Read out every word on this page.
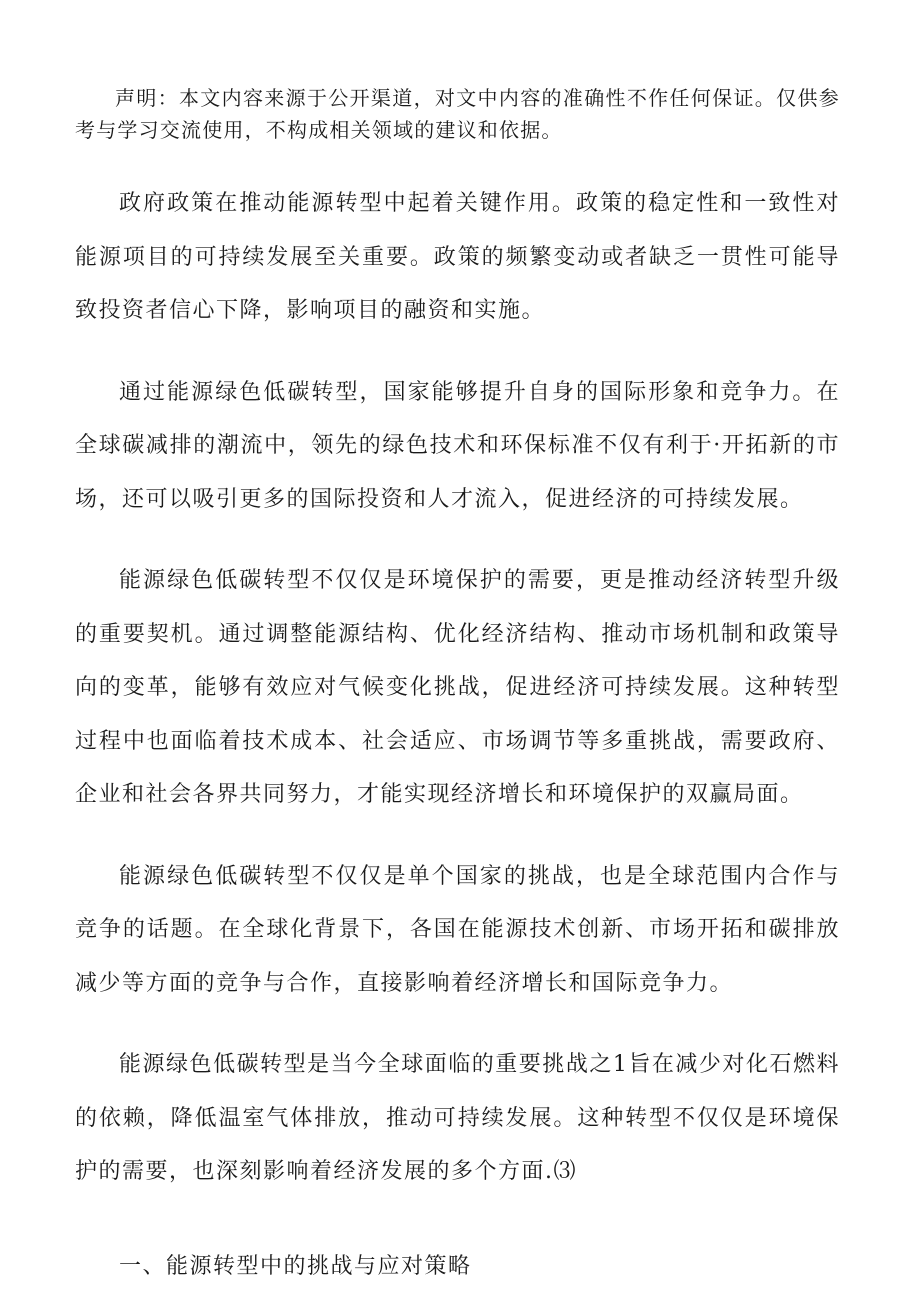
声明：本文内容来源于公开渠道，对文中内容的准确性不作任何保证。仅供参考与学习交流使用，不构成相关领域的建议和依据。

政府政策在推动能源转型中起着关键作用。政策的稳定性和一致性对能源项目的可持续发展至关重要。政策的频繁变动或者缺乏一贯性可能导致投资者信心下降，影响项目的融资和实施。

通过能源绿色低碳转型，国家能够提升自身的国际形象和竞争力。在全球碳减排的潮流中，领先的绿色技术和环保标准不仅有利于·开拓新的市场，还可以吸引更多的国际投资和人才流入，促进经济的可持续发展。

能源绿色低碳转型不仅仅是环境保护的需要，更是推动经济转型升级的重要契机。通过调整能源结构、优化经济结构、推动市场机制和政策导向的变革，能够有效应对气候变化挑战，促进经济可持续发展。这种转型过程中也面临着技术成本、社会适应、市场调节等多重挑战，需要政府、企业和社会各界共同努力，才能实现经济增长和环境保护的双赢局面。

能源绿色低碳转型不仅仅是单个国家的挑战，也是全球范围内合作与竞争的话题。在全球化背景下，各国在能源技术创新、市场开拓和碳排放减少等方面的竞争与合作，直接影响着经济增长和国际竞争力。

能源绿色低碳转型是当今全球面临的重要挑战之1旨在减少对化石燃料的依赖，降低温室气体排放，推动可持续发展。这种转型不仅仅是环境保护的需要，也深刻影响着经济发展的多个方面.⑶

一、能源转型中的挑战与应对策略
